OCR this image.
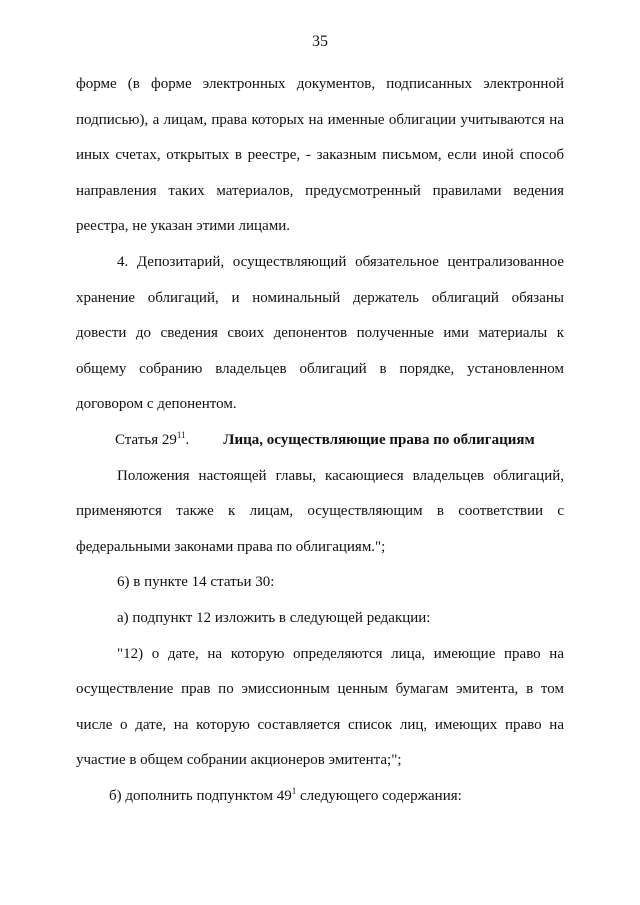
35

форме (в форме электронных документов, подписанных электронной подписью), а лицам, права которых на именные облигации учитываются на иных счетах, открытых в реестре, - заказным письмом, если иной способ направления таких материалов, предусмотренный правилами ведения реестра, не указан этими лицами.

4. Депозитарий, осуществляющий обязательное централизованное хранение облигаций, и номинальный держатель облигаций обязаны довести до сведения своих депонентов полученные ими материалы к общему собранию владельцев облигаций в порядке, установленном договором с депонентом.

Статья $29^{11}$. Лица, осуществляющие права по облигациям

Положения настоящей главы, касающиеся владельцев облигаций, применяются также к лицам, осуществляющим в соответствии с федеральными законами права по облигациям.";

6) в пункте 14 статьи 30:

а) подпункт 12 изложить в следующей редакции:

"12) о дате, на которую определяются лица, имеющие право на осуществление прав по эмиссионным ценным бумагам эмитента, в том числе о дате, на которую составляется список лиц, имеющих право на участие в общем собрании акционеров эмитента;";

б) дополнить подпунктом $49^1$ следующего содержания:
